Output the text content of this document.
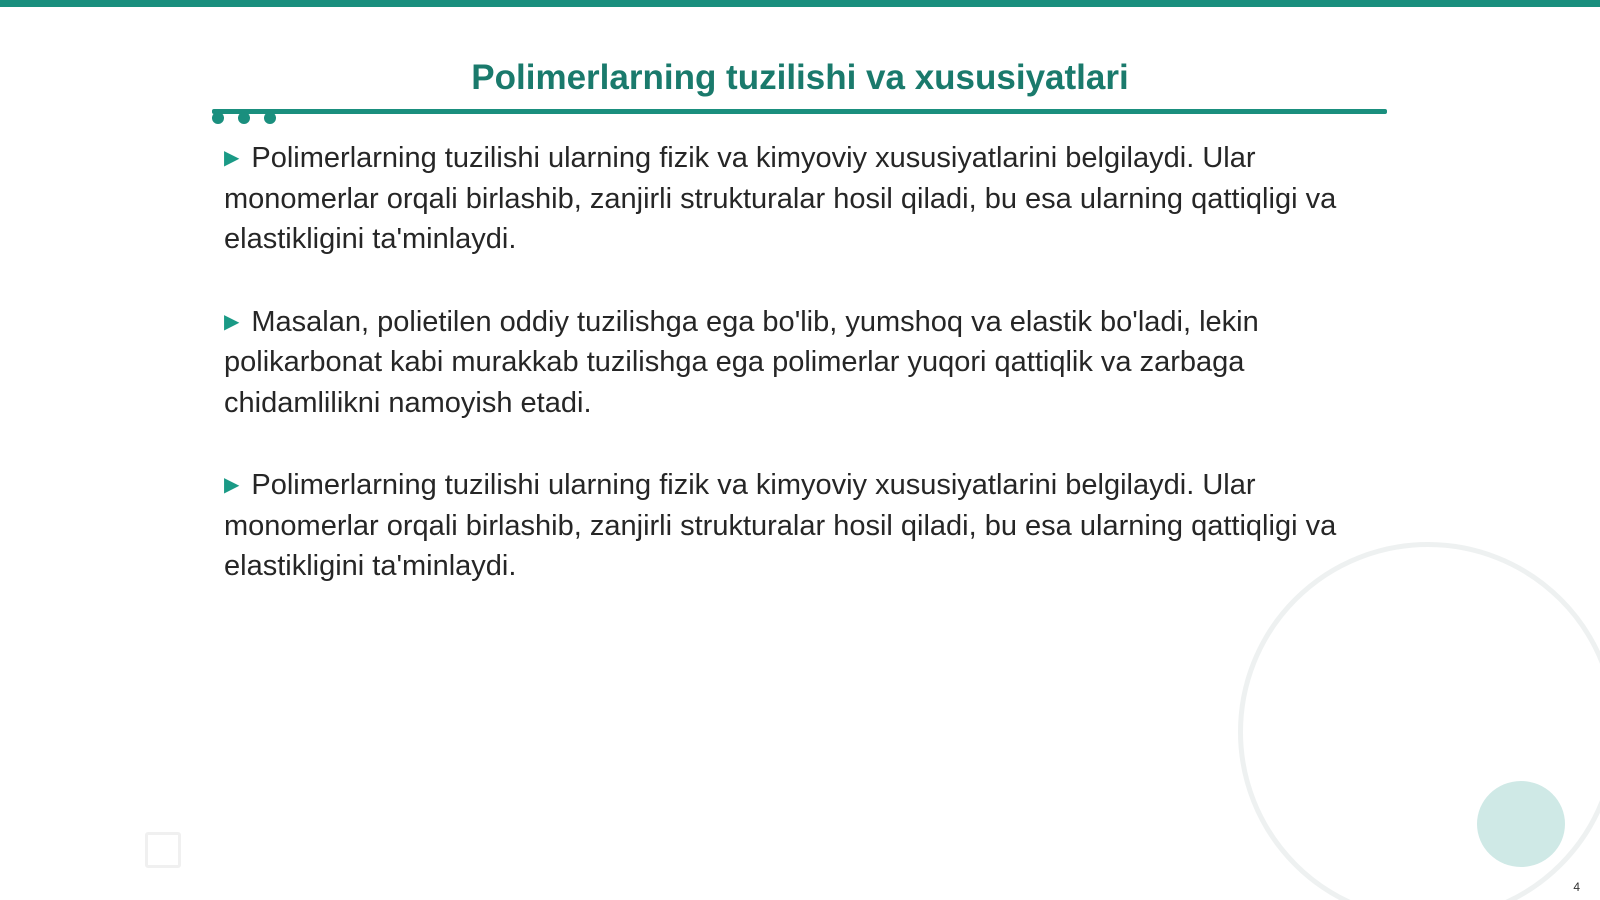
Polimerlarning tuzilishi va xususiyatlari

▶ Polimerlarning tuzilishi ularning fizik va kimyoviy xususiyatlarini belgilaydi. Ular monomerlar orqali birlashib, zanjirli strukturalar hosil qiladi, bu esa ularning qattiqligi va elastikligini ta'minlaydi.

▶ Masalan, polietilen oddiy tuzilishga ega bo'lib, yumshoq va elastik bo'ladi, lekin polikarbonat kabi murakkab tuzilishga ega polimerlar yuqori qattiqlik va zarbaga chidamlilikni namoyish etadi.

▶ Polimerlarning tuzilishi ularning fizik va kimyoviy xususiyatlarini belgilaydi. Ular monomerlar orqali birlashib, zanjirli strukturalar hosil qiladi, bu esa ularning qattiqligi va elastikligini ta'minlaydi.

4
